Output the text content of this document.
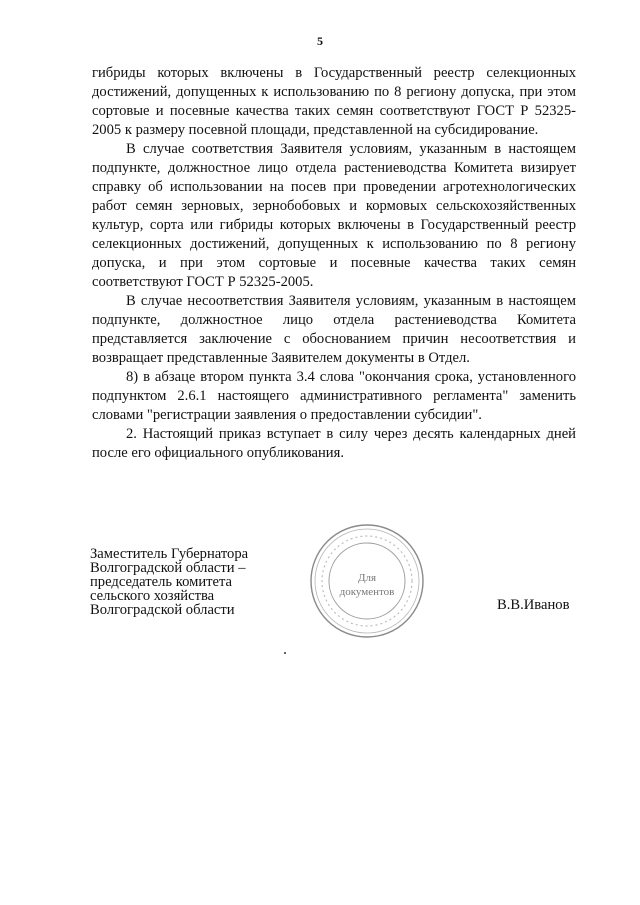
5

гибриды которых включены в Государственный реестр селекционных достижений, допущенных к использованию по 8 региону допуска, при этом сортовые и посевные качества таких семян соответствуют ГОСТ Р 52325-2005 к размеру посевной площади, представленной на субсидирование.

В случае соответствия Заявителя условиям, указанным в настоящем подпункте, должностное лицо отдела растениеводства Комитета визирует справку об использовании на посев при проведении агротехнологических работ семян зерновых, зернобобовых и кормовых сельскохозяйственных культур, сорта или гибриды которых включены в Государственный реестр селекционных достижений, допущенных к использованию по 8 региону допуска, и при этом сортовые и посевные качества таких семян соответствуют ГОСТ Р 52325-2005.

В случае несоответствия Заявителя условиям, указанным в настоящем подпункте, должностное лицо отдела растениеводства Комитета представляется заключение с обоснованием причин несоответствия и возвращает представленные Заявителем документы в Отдел.

8) в абзаце втором пункта 3.4 слова "окончания срока, установленного подпунктом 2.6.1 настоящего административного регламента" заменить словами "регистрации заявления о предоставлении субсидии".

2. Настоящий приказ вступает в силу через десять календарных дней после его официального опубликования.

Заместитель Губернатора
Волгоградской области –
председатель комитета
сельского хозяйства
Волгоградской области
Для
документов
В.В.Иванов
